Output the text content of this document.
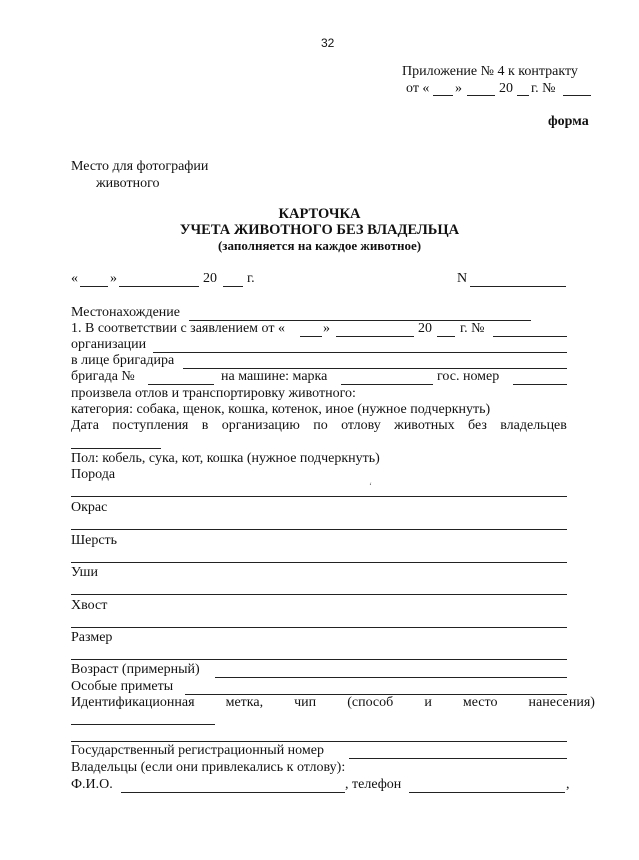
32
Приложение № 4 к контракту
от « »	20 г. №
форма
Место для фотографии
животного
КАРТОЧКА
УЧЕТА ЖИВОТНОГО БЕЗ ВЛАДЕЛЬЦА
(заполняется на каждое животное)
« »	20 г.	N
Местонахождение
1. В соответствии с заявлением от «	»	20 г. №
организации
в лице бригадира
бригада №	на машине: марка	гос. номер
произвела отлов и транспортировку животного:
категория: собака, щенок, кошка, котенок, иное (нужное подчеркнуть)
Дата поступления в организацию по отлову животных без владельцев
Пол: кобель, сука, кот, кошка (нужное подчеркнуть)
Порода
ʻ
Окрас
Шерсть
Уши
Хвост
Размер
Возраст (примерный)
Особые приметы
Идентификационная метка, чип (способ и место нанесения)
Государственный регистрационный номер
Владельцы (если они привлекались к отлову):
Ф.И.О.	, телефон	,
